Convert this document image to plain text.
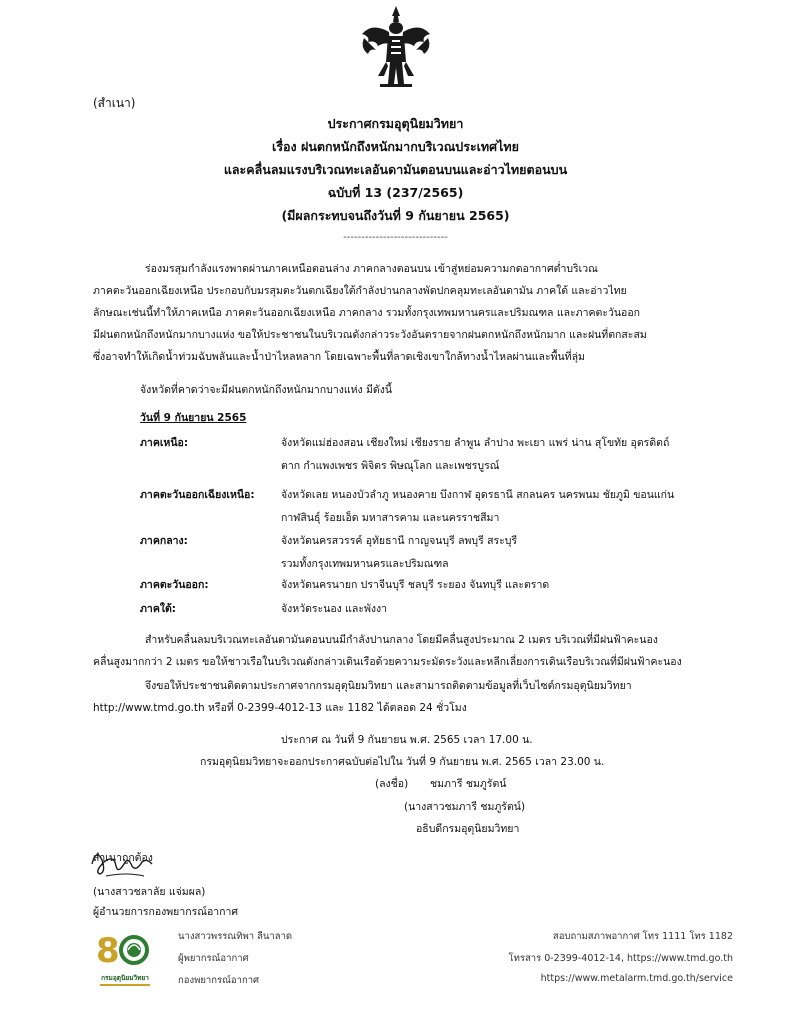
(สำเนา)
ประกาศกรมอุตุนิยมวิทยา
เรื่อง ฝนตกหนักถึงหนักมากบริเวณประเทศไทย
และคลื่นลมแรงบริเวณทะเลอันดามันตอนบนและอ่าวไทยตอนบน
ฉบับที่ 13 (237/2565)
(มีผลกระทบจนถึงวันที่ 9 กันยายน 2565)
-----------------------------
ร่องมรสุมกำลังแรงพาดผ่านภาคเหนือตอนล่าง ภาคกลางตอนบน เข้าสู่หย่อมความกดอากาศต่ำบริเวณ
ภาคตะวันออกเฉียงเหนือ ประกอบกับมรสุมตะวันตกเฉียงใต้กำลังปานกลางพัดปกคลุมทะเลอันดามัน ภาคใต้ และอ่าวไทย
ลักษณะเช่นนี้ทำให้ภาคเหนือ ภาคตะวันออกเฉียงเหนือ ภาคกลาง รวมทั้งกรุงเทพมหานครและปริมณฑล และภาคตะวันออก
มีฝนตกหนักถึงหนักมากบางแห่ง ขอให้ประชาชนในบริเวณดังกล่าวระวังอันตรายจากฝนตกหนักถึงหนักมาก และฝนที่ตกสะสม
ซึ่งอาจทำให้เกิดน้ำท่วมฉับพลันและน้ำป่าไหลหลาก โดยเฉพาะพื้นที่ลาดเชิงเขาใกล้ทางน้ำไหลผ่านและพื้นที่ลุ่ม
จังหวัดที่คาดว่าจะมีฝนตกหนักถึงหนักมากบางแห่ง มีดังนี้
วันที่ 9 กันยายน 2565
ภาคเหนือ:	จังหวัดแม่ฮ่องสอน เชียงใหม่ เชียงราย ลำพูน ลำปาง พะเยา แพร่ น่าน สุโขทัย อุตรดิตถ์
ตาก กำแพงเพชร พิจิตร พิษณุโลก และเพชรบูรณ์
ภาคตะวันออกเฉียงเหนือ:	จังหวัดเลย หนองบัวลำภู หนองคาย บึงกาฬ อุดรธานี สกลนคร นครพนม ชัยภูมิ ขอนแก่น
กาฬสินธุ์ ร้อยเอ็ด มหาสารคาม และนครราชสีมา
ภาคกลาง:	จังหวัดนครสวรรค์ อุทัยธานี กาญจนบุรี ลพบุรี สระบุรี
รวมทั้งกรุงเทพมหานครและปริมณฑล
ภาคตะวันออก:	จังหวัดนครนายก ปราจีนบุรี ชลบุรี ระยอง จันทบุรี และตราด
ภาคใต้:	จังหวัดระนอง และพังงา
สำหรับคลื่นลมบริเวณทะเลอันดามันตอนบนมีกำลังปานกลาง โดยมีคลื่นสูงประมาณ 2 เมตร บริเวณที่มีฝนฟ้าคะนอง
คลื่นสูงมากกว่า 2 เมตร ขอให้ชาวเรือในบริเวณดังกล่าวเดินเรือด้วยความระมัดระวังและหลีกเลี่ยงการเดินเรือบริเวณที่มีฝนฟ้าคะนอง
จึงขอให้ประชาชนติดตามประกาศจากกรมอุตุนิยมวิทยา และสามารถติดตามข้อมูลที่เว็บไซต์กรมอุตุนิยมวิทยา
http://www.tmd.go.th หรือที่ 0-2399-4012-13 และ 1182 ได้ตลอด 24 ชั่วโมง
ประกาศ ณ วันที่ 9 กันยายน พ.ศ. 2565 เวลา 17.00 น.
กรมอุตุนิยมวิทยาจะออกประกาศฉบับต่อไปใน วันที่ 9 กันยายน พ.ศ. 2565 เวลา 23.00 น.
(ลงชื่อ) ชมภารี ชมภูรัตน์
(นางสาวชมภารี ชมภูรัตน์)
อธิบดีกรมอุตุนิยมวิทยา
สำเนาถูกต้อง
(นางสาวชลาลัย แจ่มผล)
ผู้อำนวยการกองพยากรณ์อากาศ
8
กรมอุตุนิยมวิทยา
นางสาวพรรณทิพา ลีนาลาด
ผู้พยากรณ์อากาศ
กองพยากรณ์อากาศ
สอบถามสภาพอากาศ โทร 1111 โทร 1182
โทรสาร 0-2399-4012-14, https://www.tmd.go.th
https://www.metalarm.tmd.go.th/service
